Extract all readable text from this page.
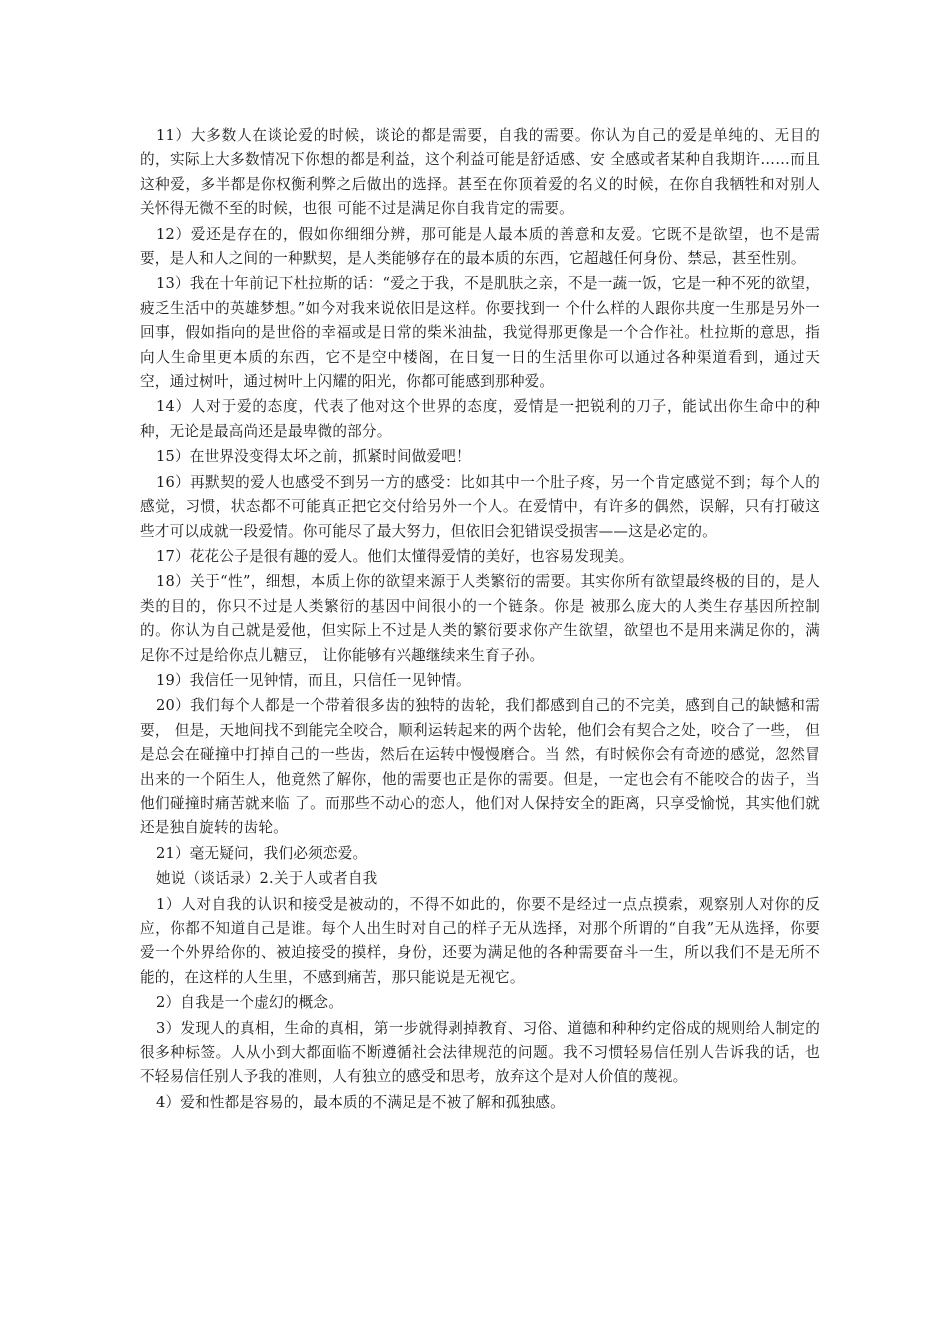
11）大多数人在谈论爱的时候，谈论的都是需要，自我的需要。你认为自己的爱是单纯的、无目的的，实际上大多数情况下你想的都是利益，这个利益可能是舒适感、安 全感或者某种自我期许……而且这种爱，多半都是你权衡利弊之后做出的选择。甚至在你顶着爱的名义的时候，在你自我牺牲和对别人关怀得无微不至的时候，也很 可能不过是满足你自我肯定的需要。

12）爱还是存在的，假如你细细分辨，那可能是人最本质的善意和友爱。它既不是欲望，也不是需要，是人和人之间的一种默契，是人类能够存在的最本质的东西，它超越任何身份、禁忌，甚至性别。

13）我在十年前记下杜拉斯的话：“爱之于我，不是肌肤之亲，不是一蔬一饭，它是一种不死的欲望，疲乏生活中的英雄梦想。”如今对我来说依旧是这样。你要找到一 个什么样的人跟你共度一生那是另外一回事，假如指向的是世俗的幸福或是日常的柴米油盐，我觉得那更像是一个合作社。杜拉斯的意思，指向人生命里更本质的东西，它不是空中楼阁，在日复一日的生活里你可以通过各种渠道看到，通过天空，通过树叶，通过树叶上闪耀的阳光，你都可能感到那种爱。

14）人对于爱的态度，代表了他对这个世界的态度，爱情是一把锐利的刀子，能试出你生命中的种种，无论是最高尚还是最卑微的部分。

15）在世界没变得太坏之前，抓紧时间做爱吧！

16）再默契的爱人也感受不到另一方的感受：比如其中一个肚子疼，另一个肯定感觉不到；每个人的感觉，习惯，状态都不可能真正把它交付给另外一个人。在爱情中，有许多的偶然，误解，只有打破这些才可以成就一段爱情。你可能尽了最大努力，但依旧会犯错误受损害——这是必定的。

17）花花公子是很有趣的爱人。他们太懂得爱情的美好，也容易发现美。

18）关于“性”，细想，本质上你的欲望来源于人类繁衍的需要。其实你所有欲望最终极的目的，是人类的目的，你只不过是人类繁衍的基因中间很小的一个链条。你是 被那么庞大的人类生存基因所控制的。你认为自己就是爱他，但实际上不过是人类的繁衍要求你产生欲望，欲望也不是用来满足你的，满足你不过是给你点儿糖豆， 让你能够有兴趣继续来生育子孙。

19）我信任一见钟情，而且，只信任一见钟情。

20）我们每个人都是一个带着很多齿的独特的齿轮，我们都感到自己的不完美，感到自己的缺憾和需要， 但是，天地间找不到能完全咬合，顺利运转起来的两个齿轮，他们会有契合之处，咬合了一些， 但是总会在碰撞中打掉自己的一些齿，然后在运转中慢慢磨合。当 然，有时候你会有奇迹的感觉，忽然冒出来的一个陌生人，他竟然了解你，他的需要也正是你的需要。但是，一定也会有不能咬合的齿子，当他们碰撞时痛苦就来临 了。而那些不动心的恋人，他们对人保持安全的距离，只享受愉悦，其实他们就还是独自旋转的齿轮。

21）毫无疑问，我们必须恋爱。

她说（谈话录）2.关于人或者自我

1）人对自我的认识和接受是被动的，不得不如此的，你要不是经过一点点摸索，观察别人对你的反应，你都不知道自己是谁。每个人出生时对自己的样子无从选择，对那个所谓的“自我”无从选择，你要爱一个外界给你的、被迫接受的摸样，身份，还要为满足他的各种需要奋斗一生，所以我们不是无所不能的，在这样的人生里，不感到痛苦，那只能说是无视它。

2）自我是一个虚幻的概念。

3）发现人的真相，生命的真相，第一步就得剥掉教育、习俗、道德和种种约定俗成的规则给人制定的很多种标签。人从小到大都面临不断遵循社会法律规范的问题。我不习惯轻易信任别人告诉我的话，也不轻易信任别人予我的准则，人有独立的感受和思考，放弃这个是对人价值的蔑视。

4）爱和性都是容易的，最本质的不满足是不被了解和孤独感。
